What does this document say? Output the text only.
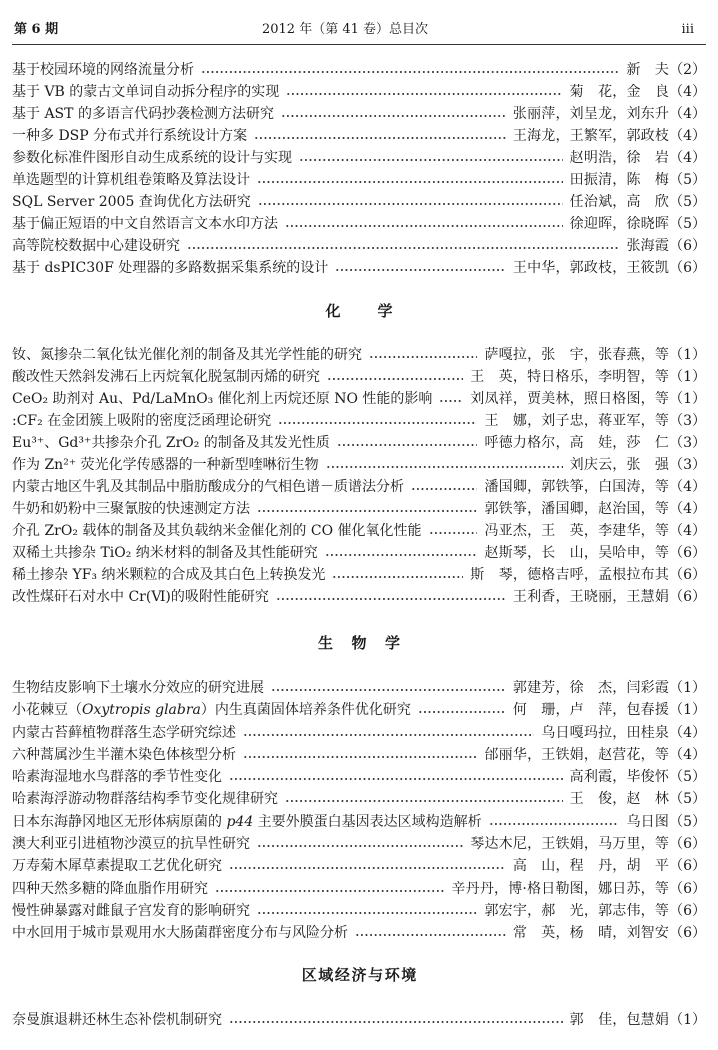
第 6 期	2012 年（第 41 卷）总目次	iii
基于校园环境的网络流量分析	新　夫 （2）
基于 VB 的蒙古文单词自动拆分程序的实现	菊　花，金　良 （4）
基于 AST 的多语言代码抄袭检测方法研究	张丽萍，刘呈龙，刘东升 （4）
一种多 DSP 分布式并行系统设计方案	王海龙，王繁军，郭政枝 （4）
参数化标准件图形自动生成系统的设计与实现	赵明浩，徐　岩 （4）
单选题型的计算机组卷策略及算法设计	田振清，陈　梅 （5）
SQL Server 2005 查询优化方法研究	任治斌，高　欣 （5）
基于偏正短语的中文自然语言文本水印方法	徐迎晖，徐晓晖 （5）
高等院校数据中心建设研究	张海霞 （6）
基于 dsPIC30F 处理器的多路数据采集系统的设计	王中华，郭政枝，王筱凯 （6）
化　学
钕、氮掺杂二氧化钛光催化剂的制备及其光学性能的研究	萨嘎拉，张　宇，张春燕，等 （1）
酸改性天然斜发沸石上丙烷氧化脱氢制丙烯的研究	王　英，特日格乐，李明智，等 （1）
CeO₂ 助剂对 Au、Pd/LaMnO₃ 催化剂上丙烷还原 NO 性能的影响	刘凤祥，贾美林，照日格图，等 （1）
:CF₂ 在金团簇上吸附的密度泛函理论研究	王　娜，刘子忠，蒋亚军，等 （3）
Eu³⁺、Gd³⁺共掺杂介孔 ZrO₂ 的制备及其发光性质	呼德力格尔，高　娃，莎　仁 （3）
作为 Zn²⁺ 荧光化学传感器的一种新型喹啉衍生物	刘庆云，张　强 （3）
内蒙古地区牛乳及其制品中脂肪酸成分的气相色谱－质谱法分析	潘国卿，郭铁筝，白国涛，等 （4）
牛奶和奶粉中三聚氰胺的快速测定方法	郭铁筝，潘国卿，赵治国，等 （4）
介孔 ZrO₂ 载体的制备及其负载纳米金催化剂的 CO 催化氧化性能	冯亚杰，王　英，李建华，等 （4）
双稀土共掺杂 TiO₂ 纳米材料的制备及其性能研究	赵斯琴，长　山，吴哈申，等 （6）
稀土掺杂 YF₃ 纳米颗粒的合成及其白色上转换发光	斯　琴，德格吉呼，孟根拉布其 （6）
改性煤矸石对水中 Cr(Ⅵ)的吸附性能研究	王利香，王晓丽，王慧娟 （6）
生　物　学
生物结皮影响下土壤水分效应的研究进展	郭建芳，徐　杰，闫彩霞 （1）
小花棘豆（Oxytropis glabra）内生真菌固体培养条件优化研究	何　珊，卢　萍，包春援 （1）
内蒙古苔藓植物群落生态学研究综述	乌日嘎玛拉，田桂泉 （4）
六种蒿属沙生半灌木染色体核型分析	邰丽华，王铁娟，赵营花，等 （4）
哈素海湿地水鸟群落的季节性变化	高利霞，毕俊怀 （5）
哈素海浮游动物群落结构季节变化规律研究	王　俊，赵　林 （5）
日本东海静冈地区无形体病原菌的 p44 主要外膜蛋白基因表达区域构造解析	乌日图 （5）
澳大利亚引进植物沙漠豆的抗旱性研究	琴达木尼，王铁娟，马万里，等 （6）
万寿菊木犀草素提取工艺优化研究	高　山，程　丹，胡　平 （6）
四种天然多糖的降血脂作用研究	辛丹丹，博·格日勒图，娜日苏，等 （6）
慢性砷暴露对雌鼠子宫发育的影响研究	郭宏宇，郝　光，郭志伟，等 （6）
中水回用于城市景观用水大肠菌群密度分布与风险分析	常　英，杨　晴，刘智安 （6）
区域经济与环境
奈曼旗退耕还林生态补偿机制研究	郭　佳，包慧娟 （1）
